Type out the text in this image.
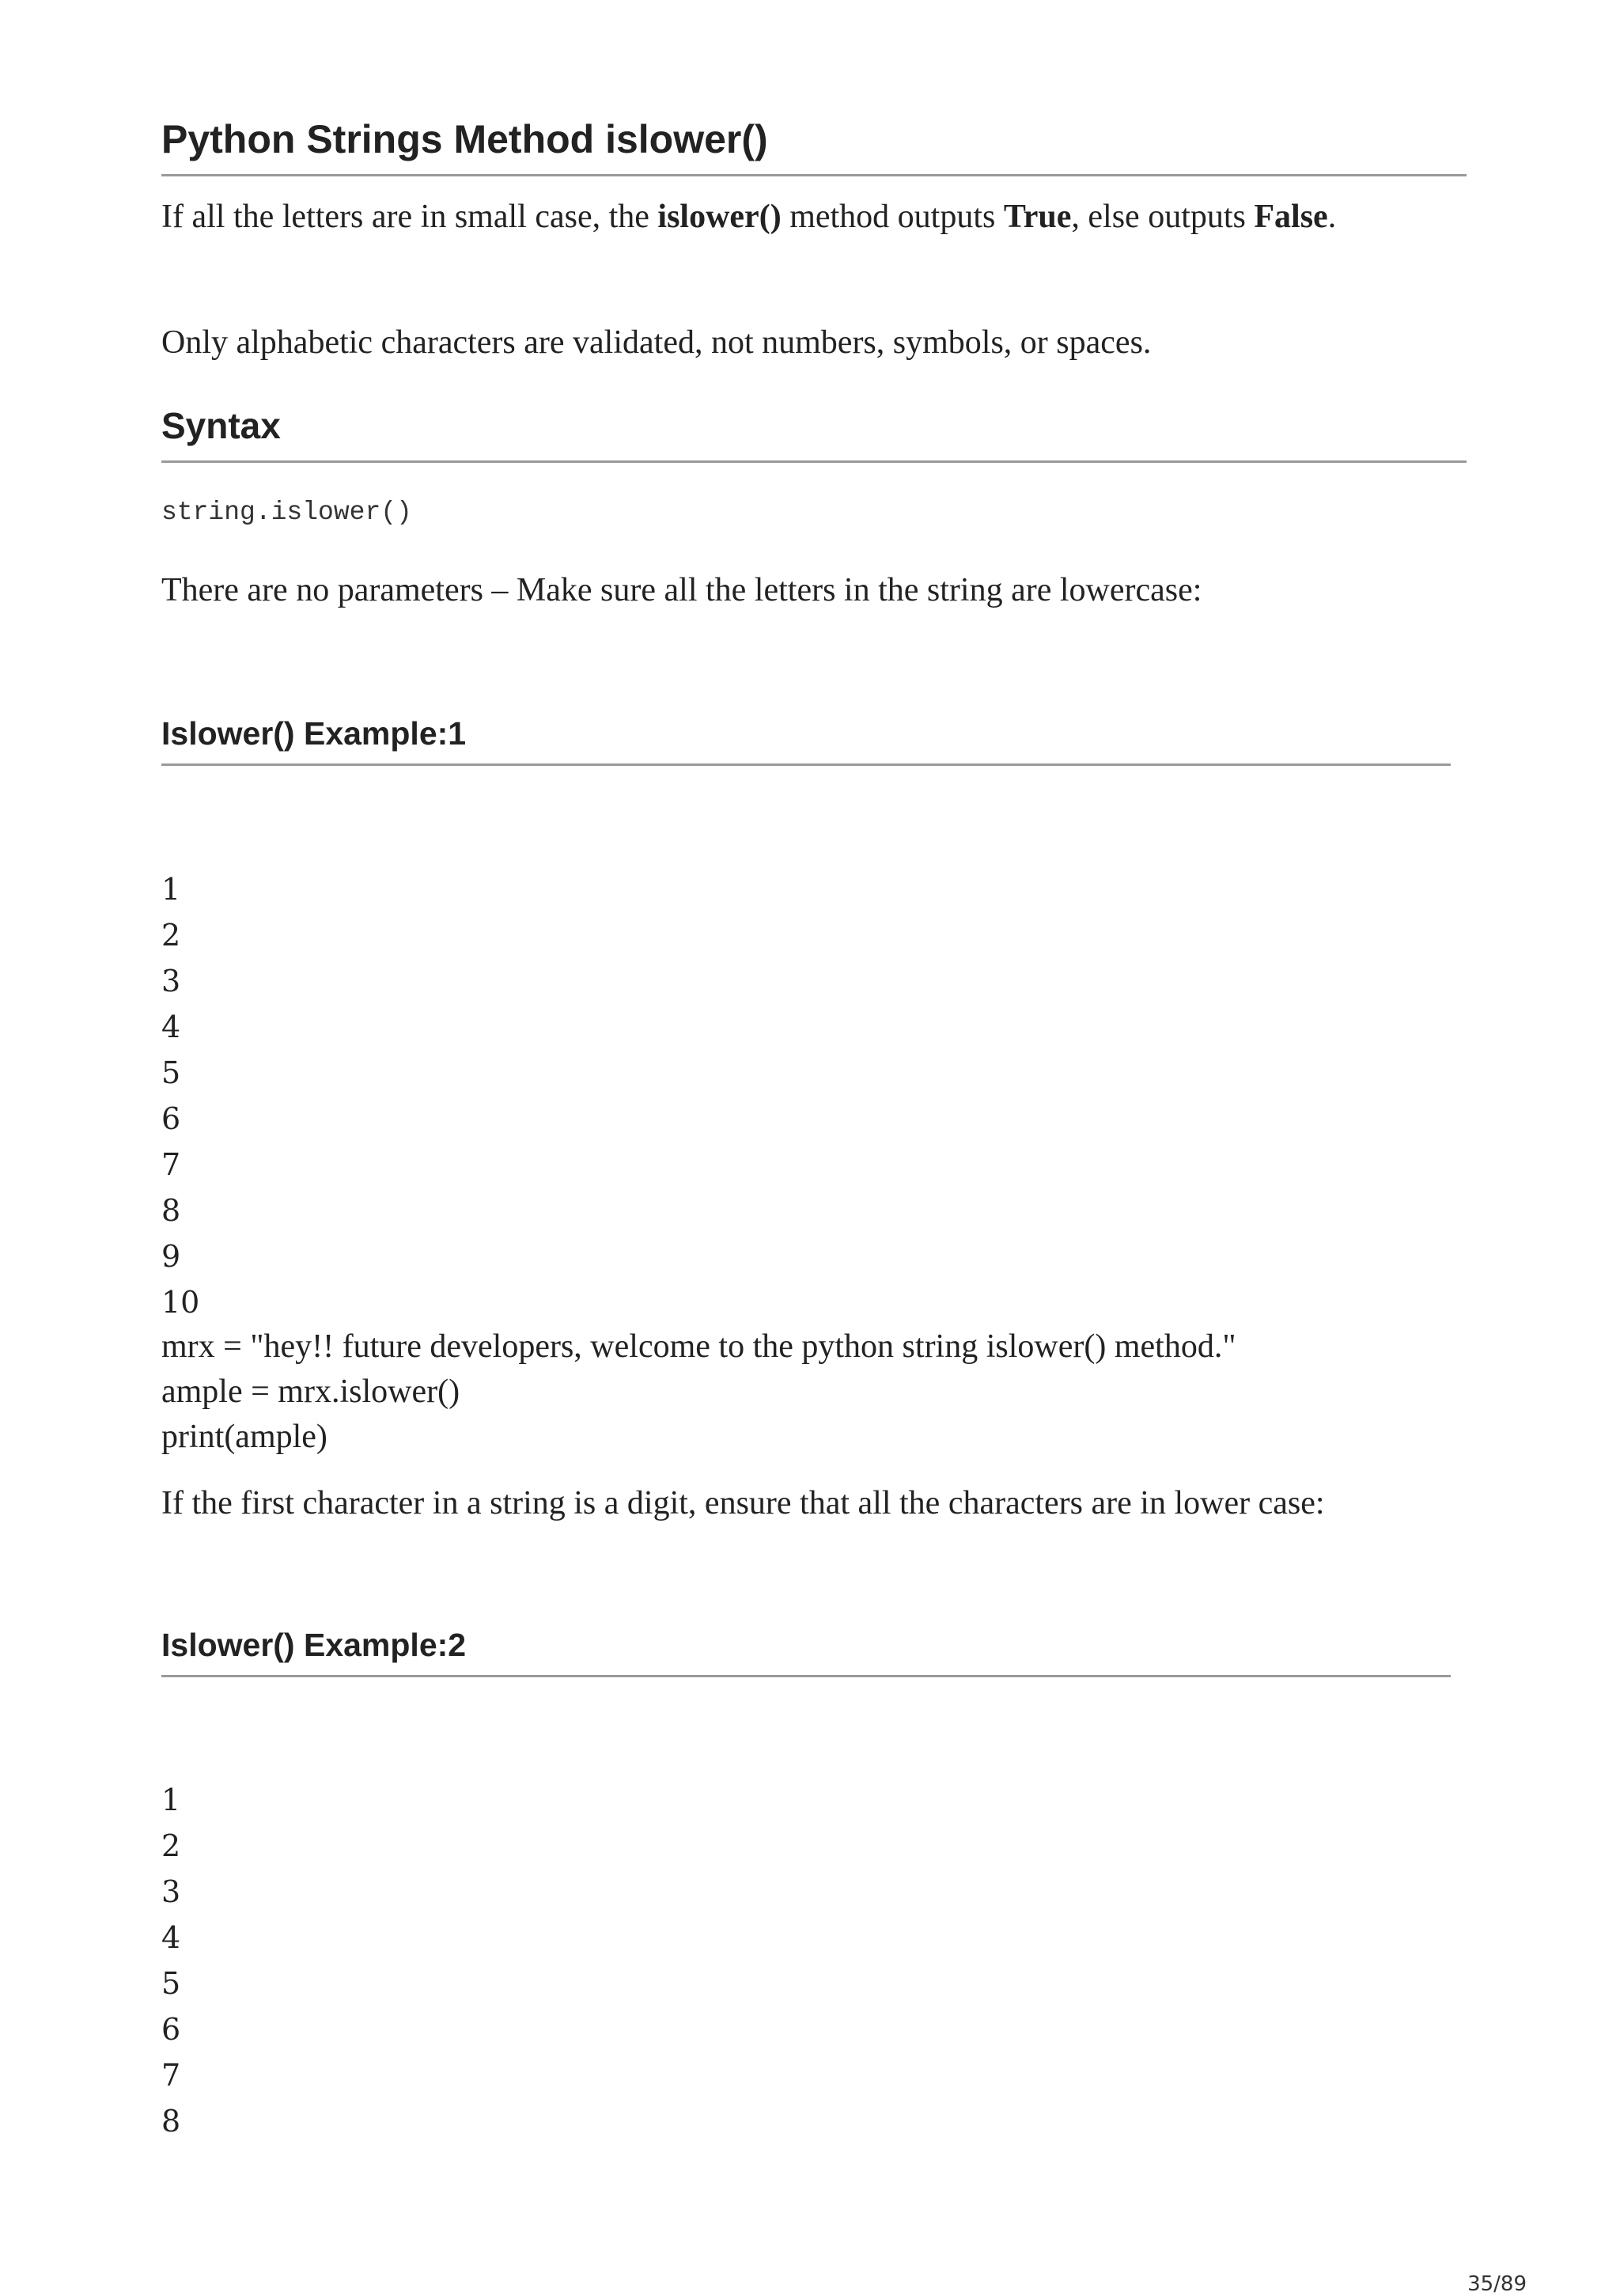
Python Strings Method islower()

If all the letters are in small case, the islower() method outputs True, else outputs False.

Only alphabetic characters are validated, not numbers, symbols, or spaces.

Syntax
string.islower()

There are no parameters – Make sure all the letters in the string are lowercase:

Islower() Example:1
1
2
3
4
5
6
7
8
9
10
mrx = "hey!! future developers, welcome to the python string islower() method."
ample = mrx.islower()
print(ample)

If the first character in a string is a digit, ensure that all the characters are in lower case:

Islower() Example:2
1
2
3
4
5
6
7
8
35/89
